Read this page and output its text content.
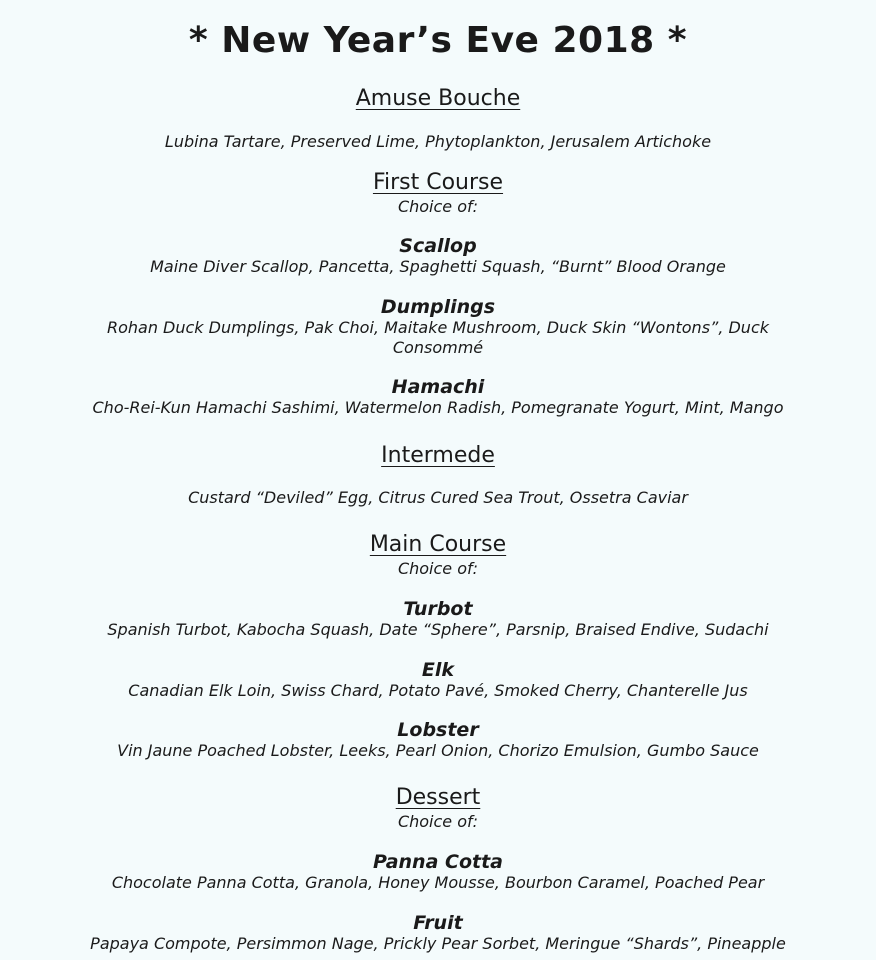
* New Year’s Eve 2018 *
Amuse Bouche
Lubina Tartare, Preserved Lime, Phytoplankton, Jerusalem Artichoke
First Course
Choice of:
Scallop
Maine Diver Scallop, Pancetta, Spaghetti Squash, “Burnt” Blood Orange
Dumplings
Rohan Duck Dumplings, Pak Choi, Maitake Mushroom, Duck Skin “Wontons”, Duck Consommé
Hamachi
Cho-Rei-Kun Hamachi Sashimi, Watermelon Radish, Pomegranate Yogurt, Mint, Mango
Intermede
Custard “Deviled” Egg, Citrus Cured Sea Trout, Ossetra Caviar
Main Course
Choice of:
Turbot
Spanish Turbot, Kabocha Squash, Date “Sphere”, Parsnip, Braised Endive, Sudachi
Elk
Canadian Elk Loin, Swiss Chard, Potato Pavé, Smoked Cherry, Chanterelle Jus
Lobster
Vin Jaune Poached Lobster, Leeks, Pearl Onion, Chorizo Emulsion, Gumbo Sauce
Dessert
Choice of:
Panna Cotta
Chocolate Panna Cotta, Granola, Honey Mousse, Bourbon Caramel, Poached Pear
Fruit
Papaya Compote, Persimmon Nage, Prickly Pear Sorbet, Meringue “Shards”, Pineapple
